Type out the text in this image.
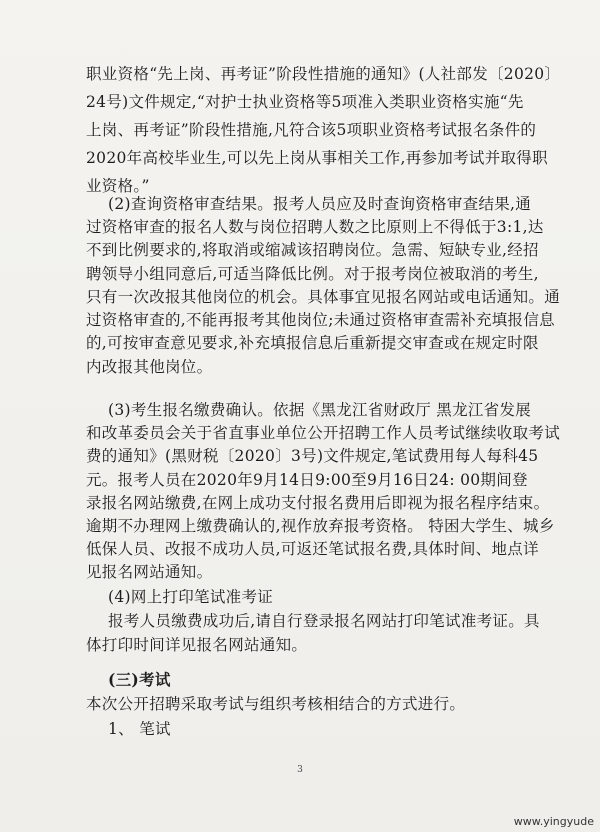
职业资格“先上岗、再考证”阶段性措施的通知》(人社部发〔2020〕
24号)文件规定,“对护士执业资格等5项准入类职业资格实施“先
上岗、再考证”阶段性措施,凡符合该5项职业资格考试报名条件的
2020年高校毕业生,可以先上岗从事相关工作,再参加考试并取得职
业资格。”
(2)查询资格审查结果。报考人员应及时查询资格审查结果,通
过资格审查的报名人数与岗位招聘人数之比原则上不得低于3:1,达
不到比例要求的,将取消或缩减该招聘岗位。急需、短缺专业,经招
聘领导小组同意后,可适当降低比例。对于报考岗位被取消的考生,
只有一次改报其他岗位的机会。具体事宜见报名网站或电话通知。通
过资格审查的,不能再报考其他岗位;未通过资格审查需补充填报信息
的,可按审查意见要求,补充填报信息后重新提交审查或在规定时限
内改报其他岗位。
(3)考生报名缴费确认。依据《黑龙江省财政厅 黑龙江省发展
和改革委员会关于省直事业单位公开招聘工作人员考试继续收取考试
费的通知》(黑财税〔2020〕3号)文件规定,笔试费用每人每科45
元。报考人员在2020年9月14日9:00至9月16日24: 00期间登
录报名网站缴费,在网上成功支付报名费用后即视为报名程序结束。
逾期不办理网上缴费确认的,视作放弃报考资格。 特困大学生、城乡
低保人员、改报不成功人员,可返还笔试报名费,具体时间、地点详
见报名网站通知。
(4)网上打印笔试准考证
报考人员缴费成功后,请自行登录报名网站打印笔试准考证。具
体打印时间详见报名网站通知。
(三)考试
本次公开招聘采取考试与组织考核相结合的方式进行。
1、 笔试
3
www.yingyude
